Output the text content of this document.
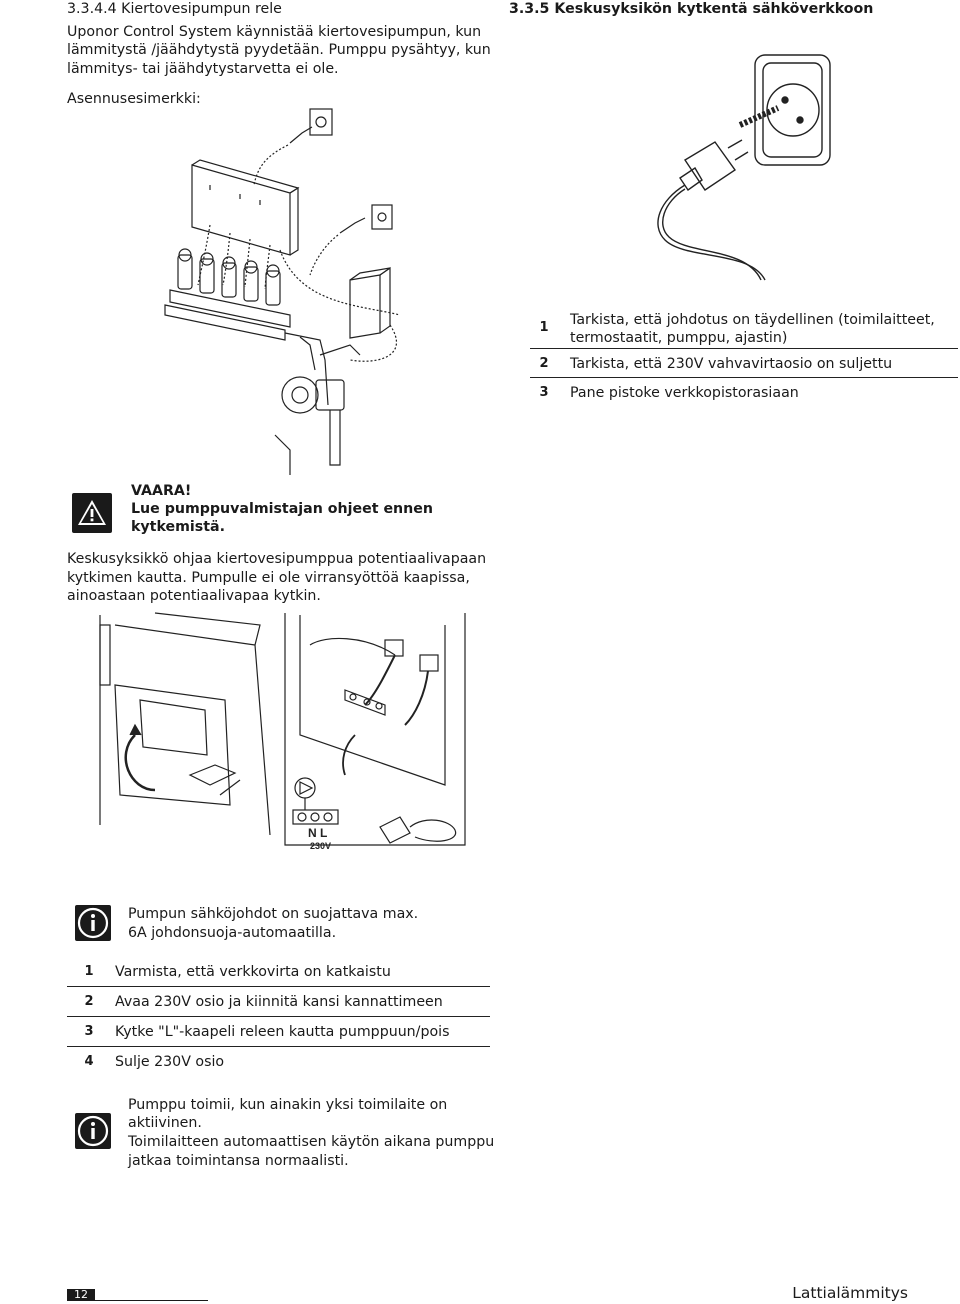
3.3.4.4 Kiertovesipumpun rele
Uponor Control System käynnistää kiertovesipumpun, kun
lämmitystä /jäähdytystä pyydetään. Pumppu pysähtyy, kun
lämmitys- tai jäähdytystarvetta ei ole.
Asennusesimerkki:
3.3.5 Keskusyksikön kytkentä sähköverkkoon
1 Tarkista, että johdotus on täydellinen (toimilaitteet,
termostaatit, pumppu, ajastin)
2 Tarkista, että 230V vahvavirtaosio on suljettu
3 Pane pistoke verkkopistorasiaan
VAARA!
Lue pumppuvalmistajan ohjeet ennen
kytkemistä.
Keskusyksikkö ohjaa kiertovesipumppua potentiaalivapaan
kytkimen kautta. Pumpulle ei ole virransyöttöä kaapissa,
ainoastaan potentiaalivapaa kytkin.
N L
230V
Pumpun sähköjohdot on suojattava max.
6A johdonsuoja-automaatilla.
1 Varmista, että verkkovirta on katkaistu
2 Avaa 230V osio ja kiinnitä kansi kannattimeen
3 Kytke "L"-kaapeli releen kautta pumppuun/pois
4 Sulje 230V osio
Pumppu toimii, kun ainakin yksi toimilaite on
aktiivinen.
Toimilaitteen automaattisen käytön aikana pumppu
jatkaa toimintansa normaalisti.
12	Lattialämmitys
